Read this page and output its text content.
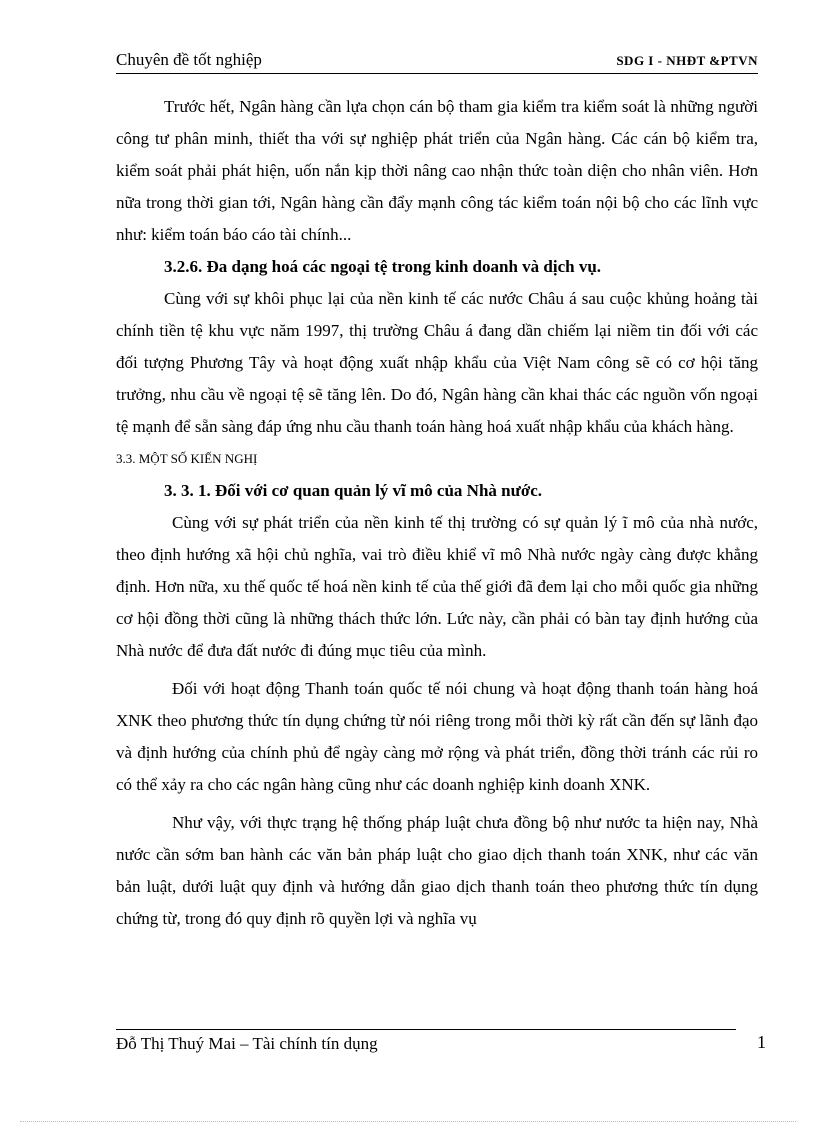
Chuyên đề tốt nghiệp	SDG I - NHĐT &PTVN

Trước hết, Ngân hàng cần lựa chọn cán bộ tham gia kiểm tra kiểm soát là những người công tư phân minh, thiết tha với sự nghiệp phát triển của Ngân hàng. Các cán bộ kiểm tra, kiểm soát phải phát hiện, uốn nắn kịp thời nâng cao nhận thức toàn diện cho nhân viên. Hơn nữa trong thời gian tới, Ngân hàng cần đẩy mạnh công tác kiểm toán nội bộ cho các lĩnh vực như: kiểm toán báo cáo tài chính...

3.2.6. Đa dạng hoá các ngoại tệ trong kinh doanh và dịch vụ.

Cùng với sự khôi phục lại của nền kinh tế các nước Châu á sau cuộc khủng hoảng tài chính tiền tệ khu vực năm 1997, thị trường Châu á đang dần chiếm lại niềm tin đối với các đối tượng Phương Tây và hoạt động xuất nhập khẩu của Việt Nam công sẽ có cơ hội tăng trưởng, nhu cầu về ngoại tệ sẽ tăng lên. Do đó, Ngân hàng cần khai thác các nguồn vốn ngoại tệ mạnh để sẵn sàng đáp ứng nhu cầu thanh toán hàng hoá xuất nhập khẩu của khách hàng.

3.3. MỘT SỐ KIẾN NGHỊ

3. 3. 1. Đối với cơ quan quản lý vĩ mô của Nhà nước.

Cùng với sự phát triển của nền kinh tế thị trường có sự quản lý ĩ mô của nhà nước, theo định hướng xã hội chủ nghĩa, vai trò điều khiể vĩ mô Nhà nước ngày càng được khẳng định. Hơn nữa, xu thế quốc tế hoá nền kinh tế của thế giới đã đem lại cho mỗi quốc gia những cơ hội đồng thời cũng là những thách thức lớn. Lức này, cần phải có bàn tay định hướng của Nhà nước để đưa đất nước đi đúng mục tiêu của mình.

Đối với hoạt động Thanh toán quốc tế nói chung và hoạt động thanh toán hàng hoá XNK theo phương thức tín dụng chứng từ nói riêng trong mỗi thời kỳ rất cần đến sự lãnh đạo và định hướng của chính phủ để ngày càng mở rộng và phát triển, đồng thời tránh các rủi ro có thể xảy ra cho các ngân hàng cũng như các doanh nghiệp kinh doanh XNK.

Như vậy, với thực trạng hệ thống pháp luật chưa đồng bộ như nước ta hiện nay, Nhà nước cần sớm ban hành các văn bản pháp luật cho giao dịch thanh toán XNK, như các văn bản luật, dưới luật quy định và hướng dẫn giao dịch thanh toán theo phương thức tín dụng chứng từ, trong đó quy định rõ quyền lợi và nghĩa vụ

Đỗ Thị Thuý Mai – Tài chính tín dụng	1
